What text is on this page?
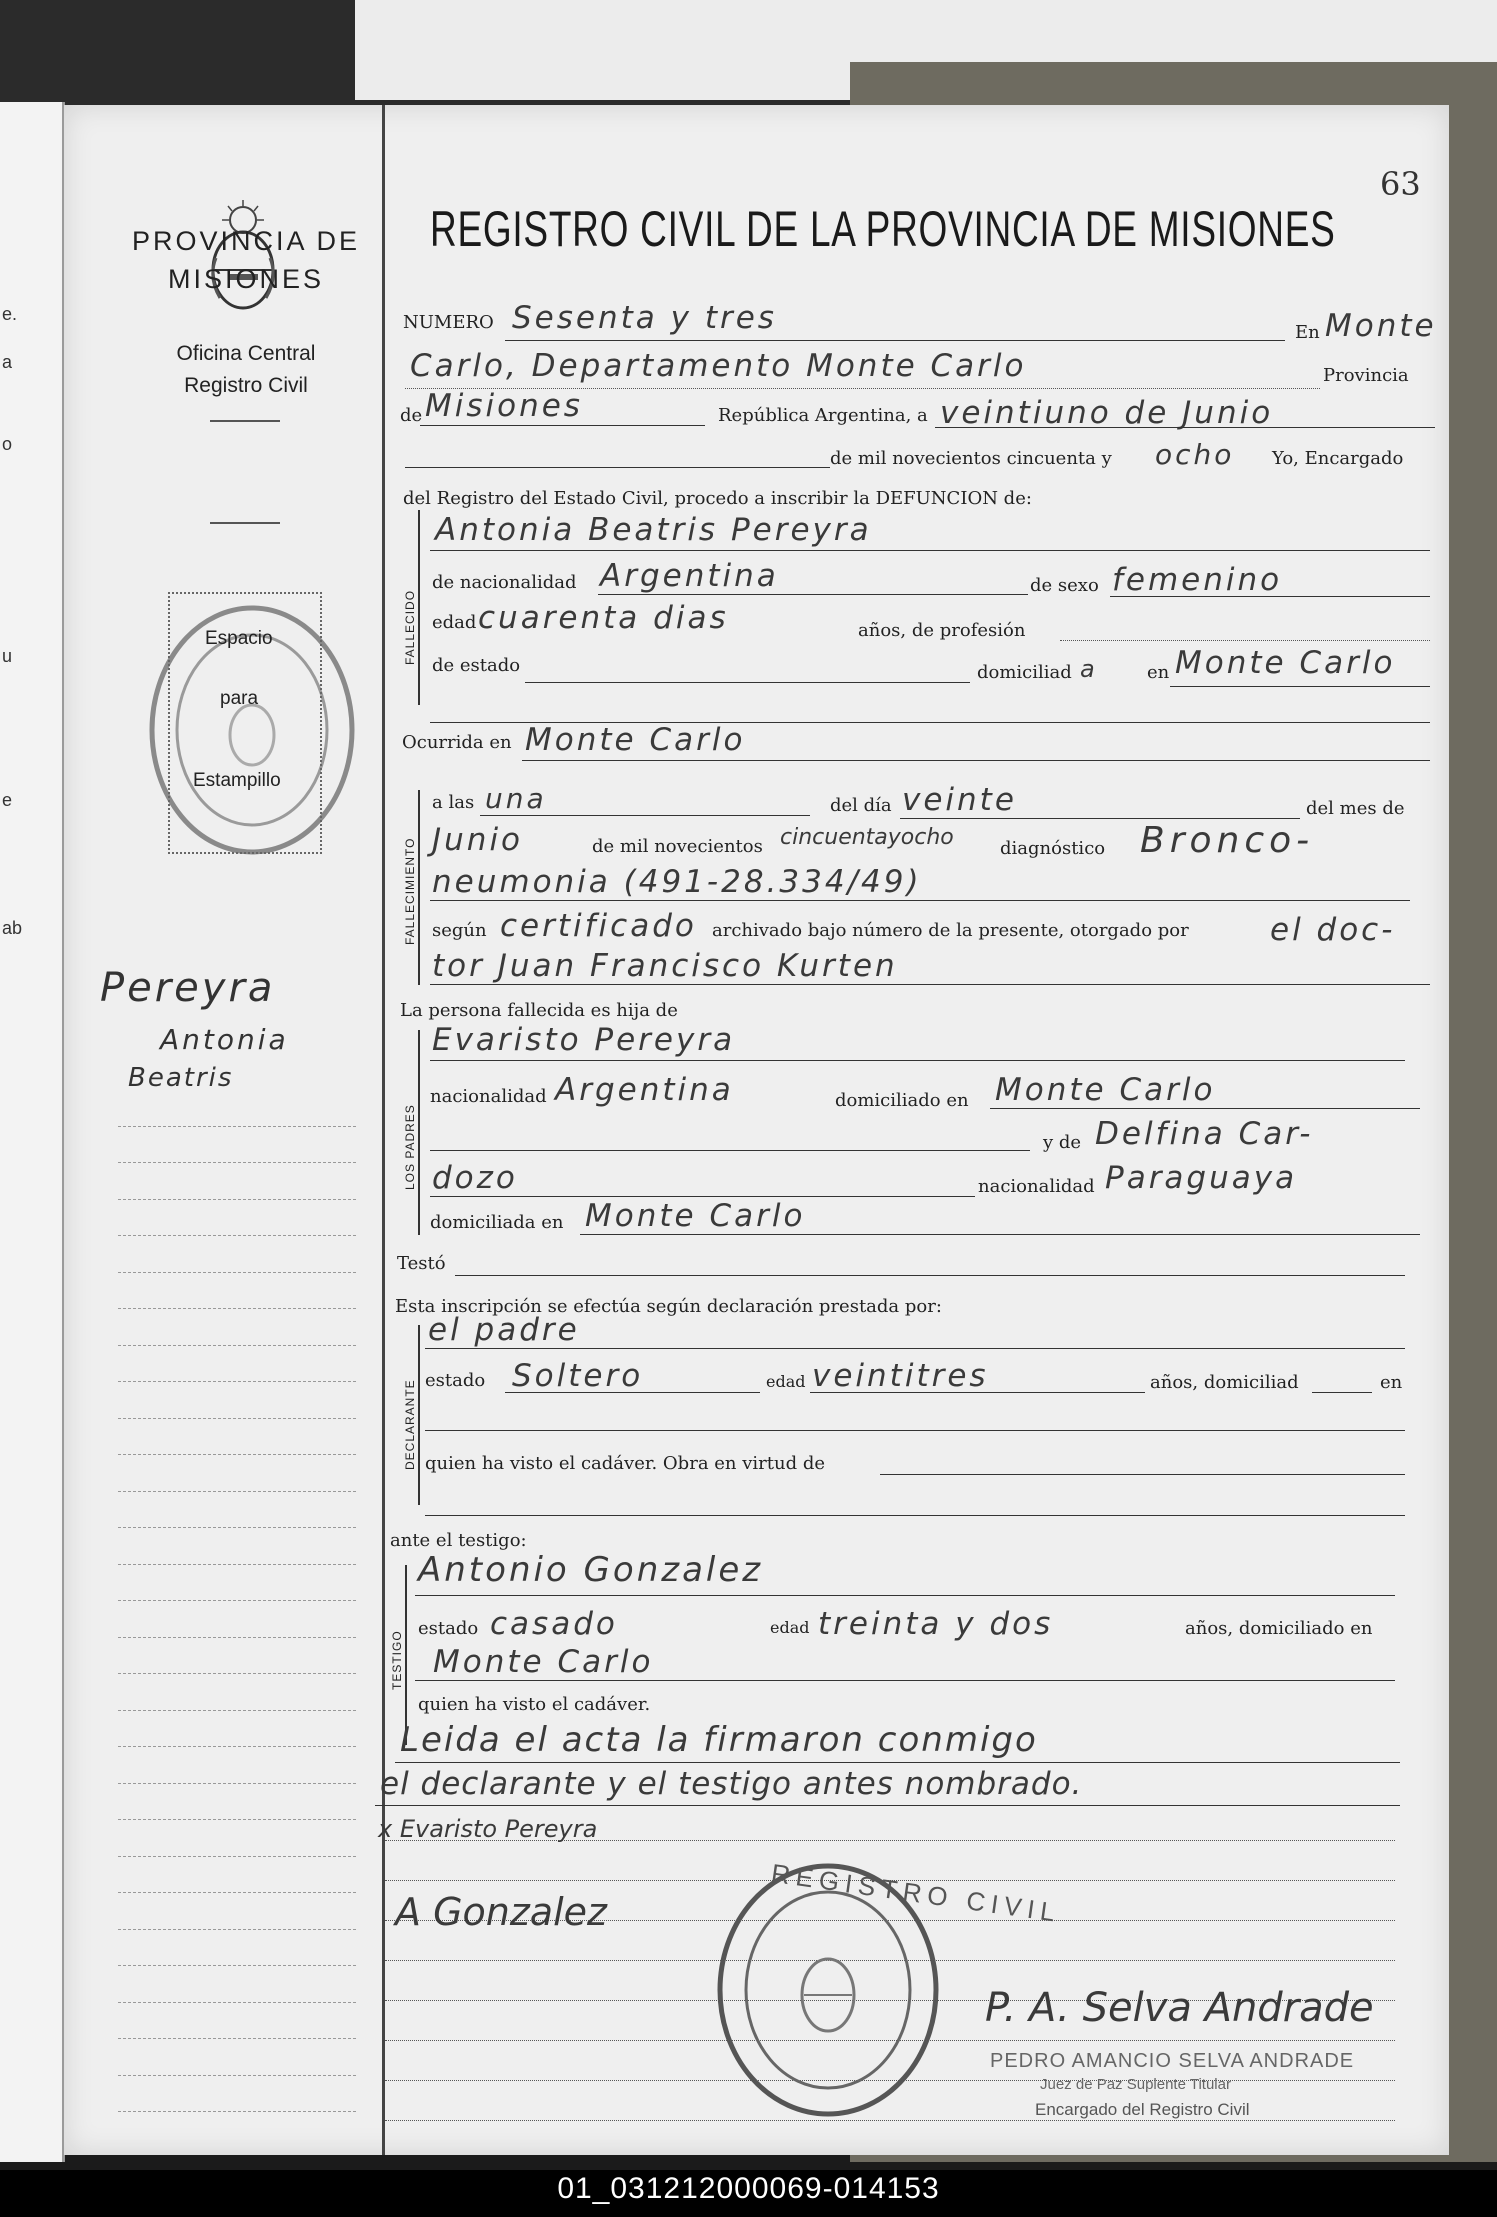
e.
a
o
u
e
ab
PROVINCIA DE
MISIONES
Oficina Central
Registro Civil
Espacio
para
Estampillo
Pereyra
Antonia
Beatris
REGISTRO CIVIL DE LA PROVINCIA DE MISIONES
63
NUMERO Sesenta y tres	En Monte
Carlo, Departamento Monte Carlo	Provincia
de Misiones	República Argentina, a veintiuno de Junio
de mil novecientos cincuenta y ocho Yo, Encargado
del Registro del Estado Civil, procedo a inscribir la DEFUNCION de:
FALLECIDO
Antonia Beatris Pereyra
de nacionalidad Argentina	de sexo femenino
edad cuarenta dias	años, de profesión
de estado	domiciliad a	en Monte Carlo
Ocurrida en Monte Carlo
FALLECIMIENTO
a las una	del día veinte	del mes de
Junio	de mil novecientos cincuentayocho	diagnóstico Bronco-
neumonia (491-28.334/49)
según certificado archivado bajo número de la presente, otorgado por	el doc-
tor Juan Francisco Kurten
La persona fallecida es hija de
LOS PADRES
Evaristo Pereyra
nacionalidad Argentina	domiciliado en Monte Carlo
y de Delfina Car-
dozo	nacionalidad Paraguaya
domiciliada en Monte Carlo
Testó
Esta inscripción se efectúa según declaración prestada por:
DECLARANTE
el padre
estado Soltero	edad veintitres	años, domiciliad	en
quien ha visto el cadáver. Obra en virtud de
ante el testigo:
TESTIGO
Antonio Gonzalez
estado casado	edad treinta y dos	años, domiciliado en
Monte Carlo
quien ha visto el cadáver.
Leida el acta la firmaron conmigo
el declarante y el testigo antes nombrado.
x Evaristo Pereyra
A Gonzalez	REGISTRO CIVIL
P. A. Selva Andrade
PEDRO AMANCIO SELVA ANDRADE
Juez de Paz Suplente Titular
Encargado del Registro Civil
01_031212000069-014153
